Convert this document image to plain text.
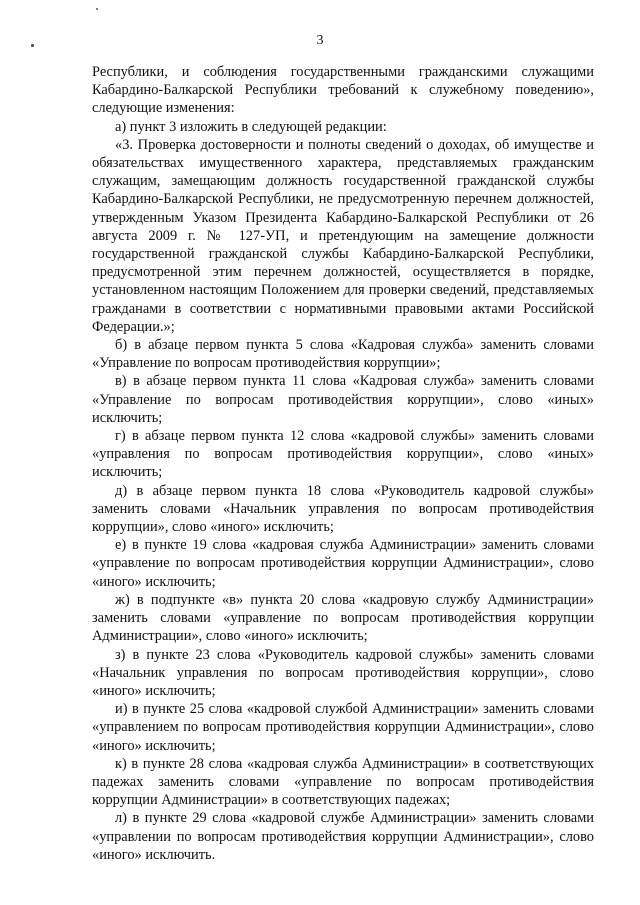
3

Республики, и соблюдения государственными гражданскими служащими Кабардино-Балкарской Республики требований к служебному поведению», следующие изменения:

а) пункт 3 изложить в следующей редакции:

«3. Проверка достоверности и полноты сведений о доходах, об имуществе и обязательствах имущественного характера, представляемых гражданским служащим, замещающим должность государственной гражданской службы Кабардино-Балкарской Республики, не предусмотренную перечнем должностей, утвержденным Указом Президента Кабардино-Балкарской Республики от 26 августа 2009 г. № 127-УП, и претендующим на замещение должности государственной гражданской службы Кабардино-Балкарской Республики, предусмотренной этим перечнем должностей, осуществляется в порядке, установленном настоящим Положением для проверки сведений, представляемых гражданами в соответствии с нормативными правовыми актами Российской Федерации.»;

б) в абзаце первом пункта 5 слова «Кадровая служба» заменить словами «Управление по вопросам противодействия коррупции»;

в) в абзаце первом пункта 11 слова «Кадровая служба» заменить словами «Управление по вопросам противодействия коррупции», слово «иных» исключить;

г) в абзаце первом пункта 12 слова «кадровой службы» заменить словами «управления по вопросам противодействия коррупции», слово «иных» исключить;

д) в абзаце первом пункта 18 слова «Руководитель кадровой службы» заменить словами «Начальник управления по вопросам противодействия коррупции», слово «иного» исключить;

е) в пункте 19 слова «кадровая служба Администрации» заменить словами «управление по вопросам противодействия коррупции Администрации», слово «иного» исключить;

ж) в подпункте «в» пункта 20 слова «кадровую службу Администрации» заменить словами «управление по вопросам противодействия коррупции Администрации», слово «иного» исключить;

з) в пункте 23 слова «Руководитель кадровой службы» заменить словами «Начальник управления по вопросам противодействия коррупции», слово «иного» исключить;

и) в пункте 25 слова «кадровой службой Администрации» заменить словами «управлением по вопросам противодействия коррупции Администрации», слово «иного» исключить;

к) в пункте 28 слова «кадровая служба Администрации» в соответствующих падежах заменить словами «управление по вопросам противодействия коррупции Администрации» в соответствующих падежах;

л) в пункте 29 слова «кадровой службе Администрации» заменить словами «управлении по вопросам противодействия коррупции Администрации», слово «иного» исключить.
